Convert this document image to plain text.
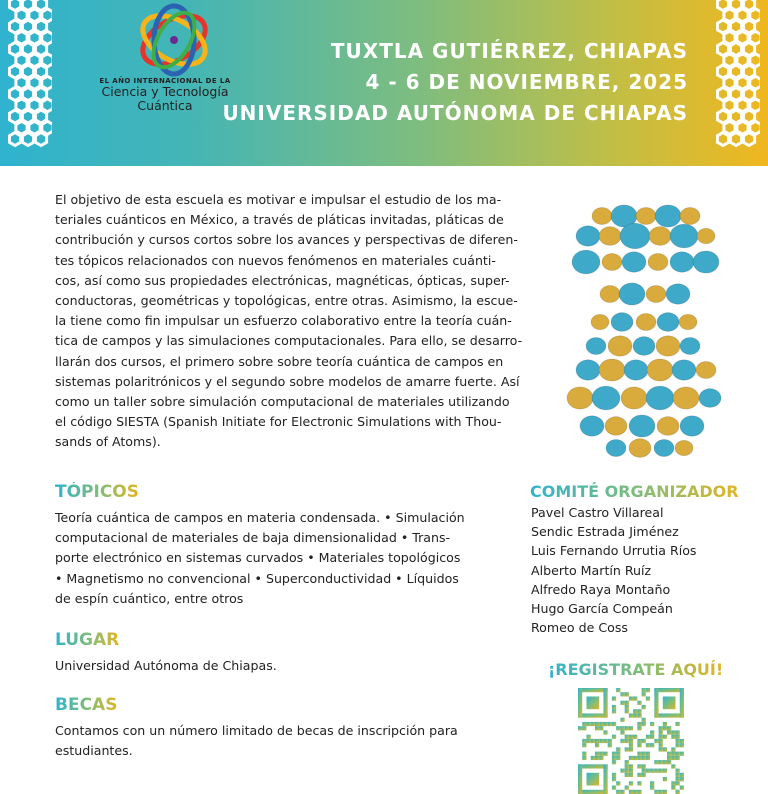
EL AÑO INTERNACIONAL DE LA
Ciencia y Tecnología
Cuántica
TUXTLA GUTIÉRREZ, CHIAPAS
4 - 6 DE NOVIEMBRE, 2025
UNIVERSIDAD AUTÓNOMA DE CHIAPAS
El objetivo de esta escuela es motivar e impulsar el estudio de los ma-
teriales cuánticos en México, a través de pláticas invitadas, pláticas de
contribución y cursos cortos sobre los avances y perspectivas de diferen-
tes tópicos relacionados con nuevos fenómenos en materiales cuánti-
cos, así como sus propiedades electrónicas, magnéticas, ópticas, super-
conductoras, geométricas y topológicas, entre otras. Asimismo, la escue-
la tiene como fin impulsar un esfuerzo colaborativo entre la teoría cuán-
tica de campos y las simulaciones computacionales. Para ello, se desarro-
llarán dos cursos, el primero sobre sobre teoría cuántica de campos en
sistemas polaritrónicos y el segundo sobre modelos de amarre fuerte. Así
como un taller sobre simulación computacional de materiales utilizando
el código SIESTA (Spanish Initiate for Electronic Simulations with Thou-
sands of Atoms).
TÓPICOS
Teoría cuántica de campos en materia condensada. • Simulación
computacional de materiales de baja dimensionalidad • Trans-
porte electrónico en sistemas curvados • Materiales topológicos
• Magnetismo no convencional • Superconductividad • Líquidos
de espín cuántico, entre otros
LUGAR
Universidad Autónoma de Chiapas.
BECAS
Contamos con un número limitado de becas de inscripción para
estudiantes.
COMITÉ ORGANIZADOR
Pavel Castro Villareal
Sendic Estrada Jiménez
Luis Fernando Urrutia Ríos
Alberto Martín Ruíz
Alfredo Raya Montaño
Hugo García Compeán
Romeo de Coss
¡REGISTRATE AQUÍ!
